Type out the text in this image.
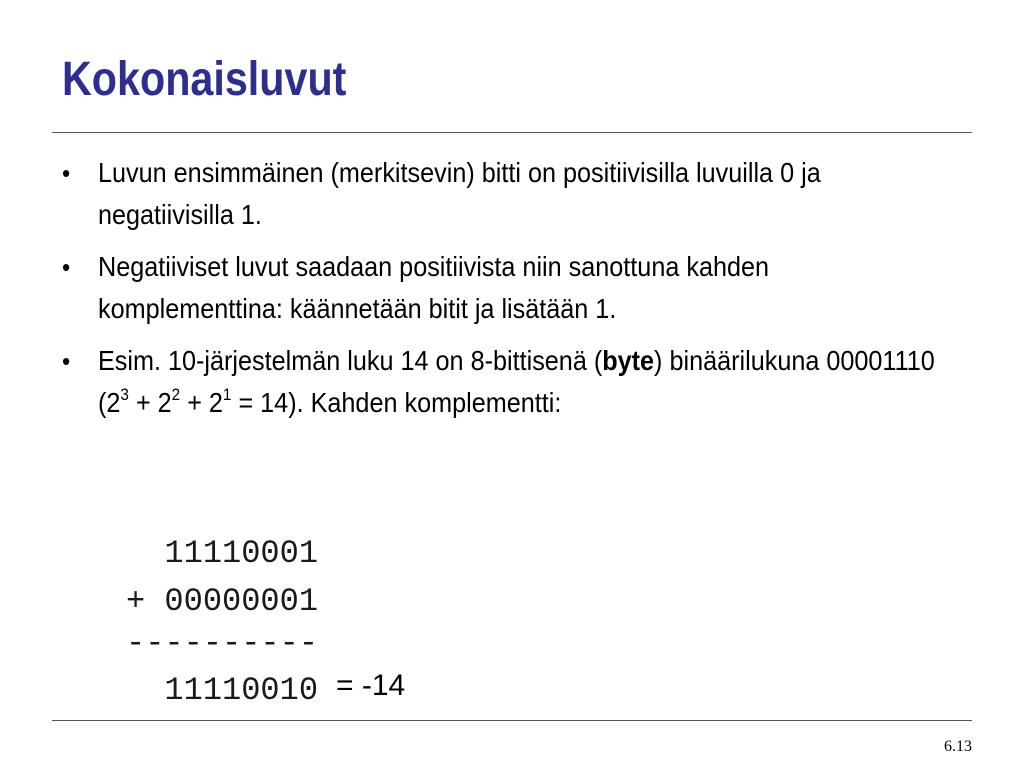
Kokonaisluvut
• Luvun ensimmäinen (merkitsevin) bitti on positiivisilla luvuilla 0 ja negatiivisilla 1.
• Negatiiviset luvut saadaan positiivista niin sanottuna kahden komplementtina: käännetään bitit ja lisätään 1.
• Esim. 10-järjestelmän luku 14 on 8-bittisenä (byte) binäärilukuna 00001110 $(2^3 + 2^2 + 2^1 = 14)$. Kahden komplementti:
11110001
+ 00000001
----------
11110010 = -14
6.13
